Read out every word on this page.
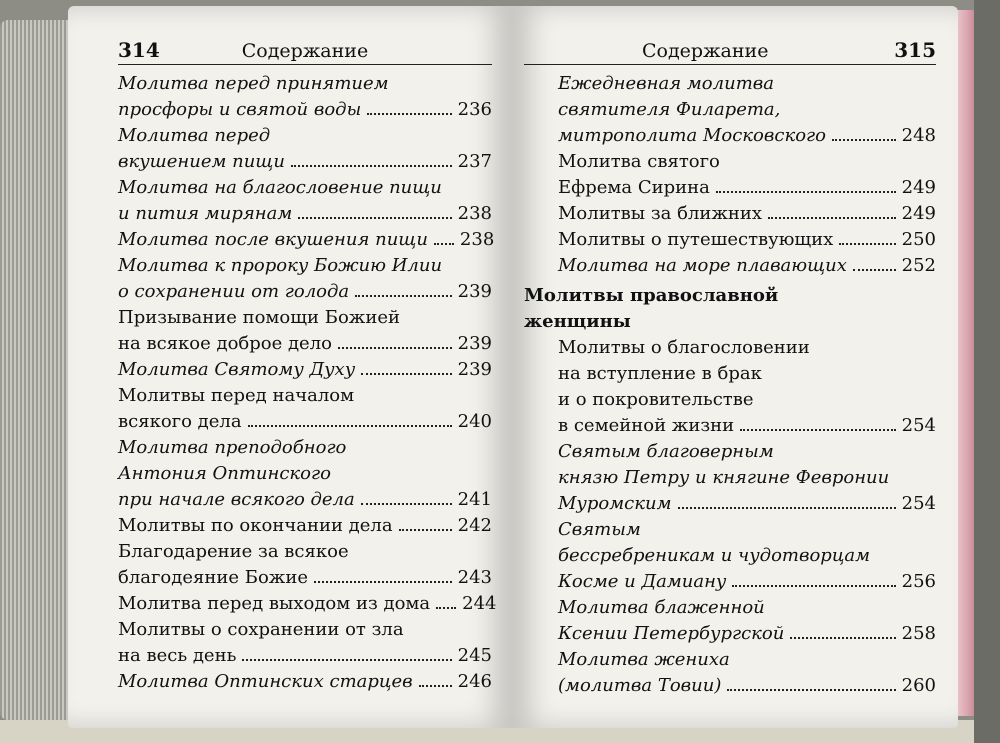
314	Содержание
Молитва перед принятием
просфоры и святой воды	236
Молитва перед
вкушением пищи	237
Молитва на благословение пищи
и пития мирянам	238
Молитва после вкушения пищи 238
Молитва к пророку Божию Илии
о сохранении от голода	239
Призывание помощи Божией
на всякое доброе дело	239
Молитва Святому Духу	239
Молитвы перед началом
всякого дела	240
Молитва преподобного
Антония Оптинского
при начале всякого дела	241
Молитвы по окончании дела	242
Благодарение за всякое
благодеяние Божие	243
Молитва перед выходом из дома 244
Молитвы о сохранении от зла
на весь день	245
Молитва Оптинских старцев	246
Содержание	315
Ежедневная молитва
святителя Филарета,
митрополита Московского	248
Молитва святого
Ефрема Сирина	249
Молитвы за ближних	249
Молитвы о путешествующих	250
Молитва на море плавающих	252
Молитвы православной
женщины
Молитвы о благословении
на вступление в брак
и о покровительстве
в семейной жизни	254
Святым благоверным
князю Петру и княгине Февронии
Муромским	254
Святым
бессребреникам и чудотворцам
Косме и Дамиану	256
Молитва блаженной
Ксении Петербургской	258
Молитва жениха
(молитва Товии)	260
